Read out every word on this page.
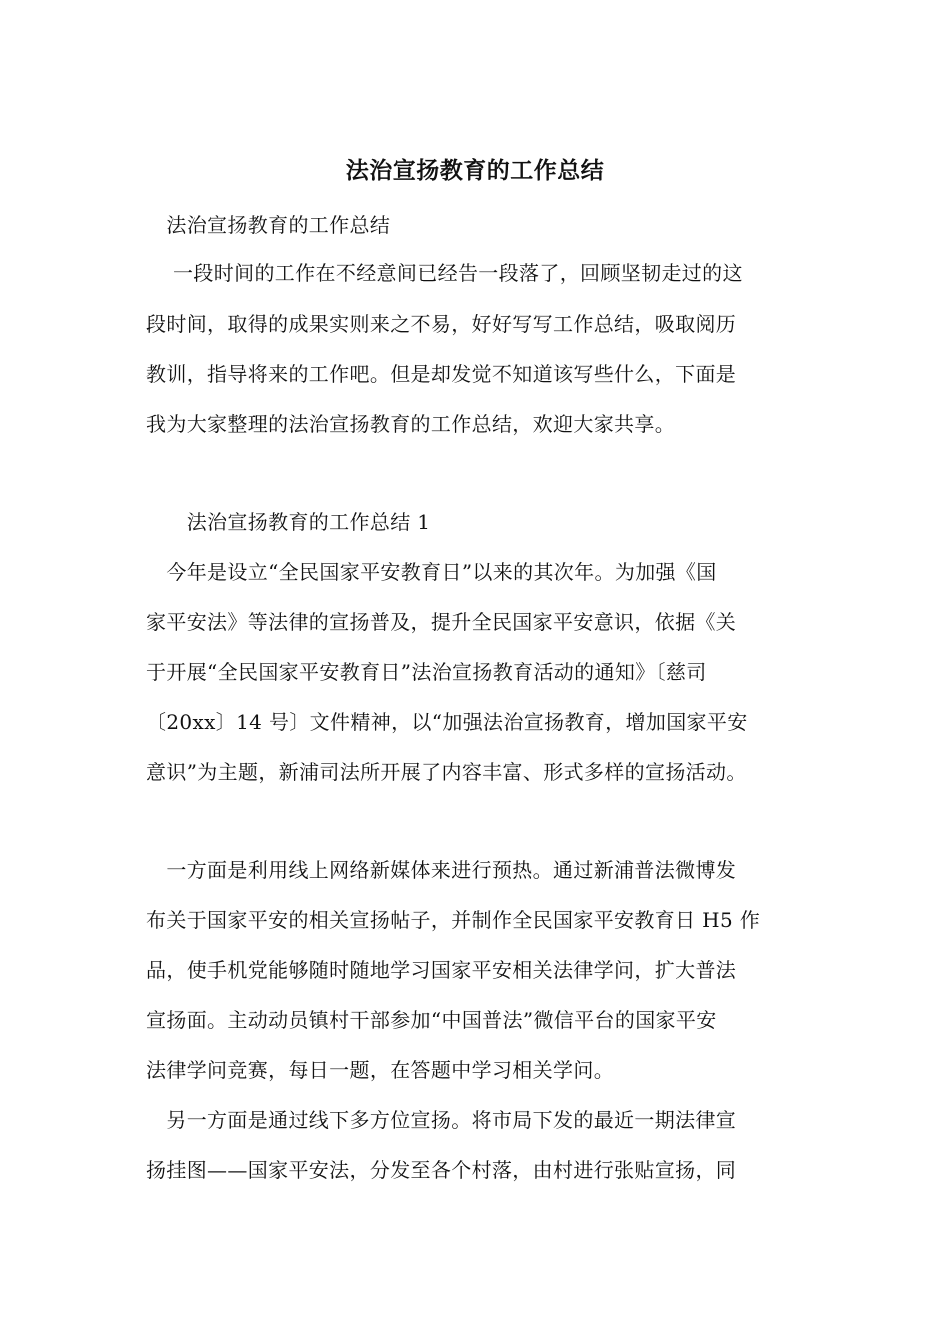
法治宣扬教育的工作总结
　法治宣扬教育的工作总结
　 一段时间的工作在不经意间已经告一段落了，回顾坚韧走过的这
段时间，取得的成果实则来之不易，好好写写工作总结，吸取阅历
教训，指导将来的工作吧。但是却发觉不知道该写些什么，下面是
我为大家整理的法治宣扬教育的工作总结，欢迎大家共享。
　　法治宣扬教育的工作总结 1
　今年是设立“全民国家平安教育日”以来的其次年。为加强《国
家平安法》等法律的宣扬普及，提升全民国家平安意识，依据《关
于开展“全民国家平安教育日”法治宣扬教育活动的通知》〔慈司
〔20xx〕14 号〕文件精神，以“加强法治宣扬教育，增加国家平安
意识”为主题，新浦司法所开展了内容丰富、形式多样的宣扬活动。
　一方面是利用线上网络新媒体来进行预热。通过新浦普法微博发
布关于国家平安的相关宣扬帖子，并制作全民国家平安教育日 H5 作
品，使手机党能够随时随地学习国家平安相关法律学问，扩大普法
宣扬面。主动动员镇村干部参加“中国普法”微信平台的国家平安
法律学问竞赛，每日一题，在答题中学习相关学问。
　另一方面是通过线下多方位宣扬。将市局下发的最近一期法律宣
扬挂图——国家平安法，分发至各个村落，由村进行张贴宣扬，同
